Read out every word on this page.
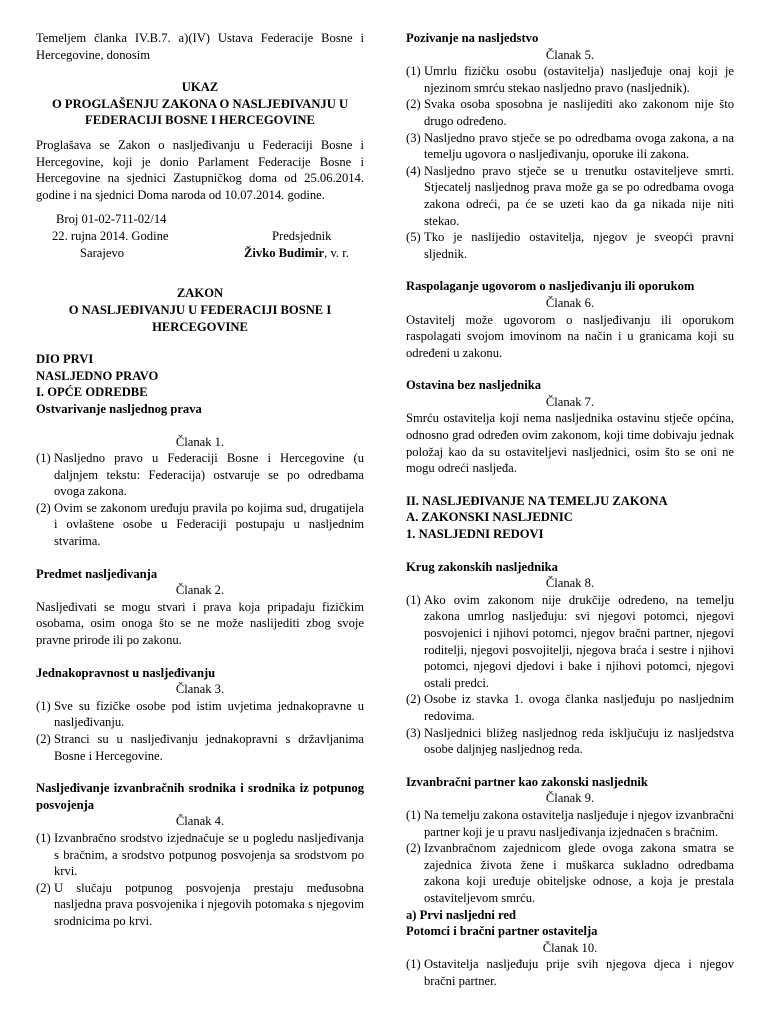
Temeljem članka IV.B.7. a)(IV) Ustava Federacije Bosne i Hercegovine, donosim

UKAZ

O PROGLAŠENJU ZAKONA O NASLJEĐIVANJU U FEDERACIJI BOSNE I HERCEGOVINE

Proglašava se Zakon o nasljeđivanju u Federaciji Bosne i Hercegovine, koji je donio Parlament Federacije Bosne i Hercegovine na sjednici Zastupničkog doma od 25.06.2014. godine i na sjednici Doma naroda od 10.07.2014. godine.

Broj 01-02-711-02/14
22. rujna 2014. Godine
Sarajevo
Predsjednik
Živko Budimir, v. r.

ZAKON

O NASLJEĐIVANJU U FEDERACIJI BOSNE I HERCEGOVINE

DIO PRVI

NASLJEDNO PRAVO

I. OPĆE ODREDBE

Ostvarivanje nasljednog prava

Članak 1.

(1) Nasljedno pravo u Federaciji Bosne i Hercegovine (u daljnjem tekstu: Federacija) ostvaruje se po odredbama ovoga zakona.
(2) Ovim se zakonom uređuju pravila po kojima sud, drugatijela i ovlaštene osobe u Federaciji postupaju u nasljednim stvarima.

Predmet nasljeđivanja

Članak 2.

Nasljeđivati se mogu stvari i prava koja pripadaju fizičkim osobama, osim onoga što se ne može naslijediti zbog svoje pravne prirode ili po zakonu.

Jednakopravnost u nasljeđivanju

Članak 3.

(1) Sve su fizičke osobe pod istim uvjetima jednakopravne u nasljeđivanju.
(2) Stranci su u nasljeđivanju jednakopravni s državljanima Bosne i Hercegovine.

Nasljeđivanje izvanbračnih srodnika i srodnika iz potpunog posvojenja

Članak 4.

(1) Izvanbračno srodstvo izjednačuje se u pogledu nasljeđivanja s bračnim, a srodstvo potpunog posvojenja sa srodstvom po krvi.
(2) U slučaju potpunog posvojenja prestaju međusobna nasljedna prava posvojenika i njegovih potomaka s njegovim srodnicima po krvi.

Pozivanje na nasljedstvo

Članak 5.

(1) Umrlu fizičku osobu (ostavitelja) nasljeđuje onaj koji je njezinom smrću stekao nasljedno pravo (nasljednik).
(2) Svaka osoba sposobna je naslijediti ako zakonom nije što drugo određeno.
(3) Nasljedno pravo stječe se po odredbama ovoga zakona, a na temelju ugovora o nasljeđivanju, oporuke ili zakona.
(4) Nasljedno pravo stječe se u trenutku ostaviteljeve smrti. Stjecatelj nasljednog prava može ga se po odredbama ovoga zakona odreći, pa će se uzeti kao da ga nikada nije niti stekao.
(5) Tko je naslijedio ostavitelja, njegov je sveopći pravni sljednik.

Raspolaganje ugovorom o nasljeđivanju ili oporukom

Članak 6.

Ostavitelj može ugovorom o nasljeđivanju ili oporukom raspolagati svojom imovinom na način i u granicama koji su određeni u zakonu.

Ostavina bez nasljednika

Članak 7.

Smrću ostavitelja koji nema nasljednika ostavinu stječe općina, odnosno grad određen ovim zakonom, koji time dobivaju jednak položaj kao da su ostaviteljevi nasljednici, osim što se oni ne mogu odreći nasljeđa.

II. NASLJEĐIVANJE NA TEMELJU ZAKONA

A. ZAKONSKI NASLJEDNIC

1. NASLJEDNI REDOVI

Krug zakonskih nasljednika

Članak 8.

(1) Ako ovim zakonom nije drukčije određeno, na temelju zakona umrlog nasljeđuju: svi njegovi potomci, njegovi posvojenici i njihovi potomci, njegov bračni partner, njegovi roditelji, njegovi posvojitelji, njegova braća i sestre i njihovi potomci, njegovi djedovi i bake i njihovi potomci, njegovi ostali predci.
(2) Osobe iz stavka 1. ovoga članka nasljeđuju po nasljednim redovima.
(3) Nasljednici bližeg nasljednog reda isključuju iz nasljedstva osobe daljnjeg nasljednog reda.

Izvanbračni partner kao zakonski nasljednik

Članak 9.

(1) Na temelju zakona ostavitelja nasljeđuje i njegov izvanbračni partner koji je u pravu nasljeđivanja izjednačen s bračnim.
(2) Izvanbračnom zajednicom glede ovoga zakona smatra se zajednica života žene i muškarca sukladno odredbama zakona koji uređuje obiteljske odnose, a koja je prestala ostaviteljevom smrću.

a) Prvi nasljedni red

Potomci i bračni partner ostavitelja

Članak 10.

(1) Ostavitelja nasljeđuju prije svih njegova djeca i njegov bračni partner.
